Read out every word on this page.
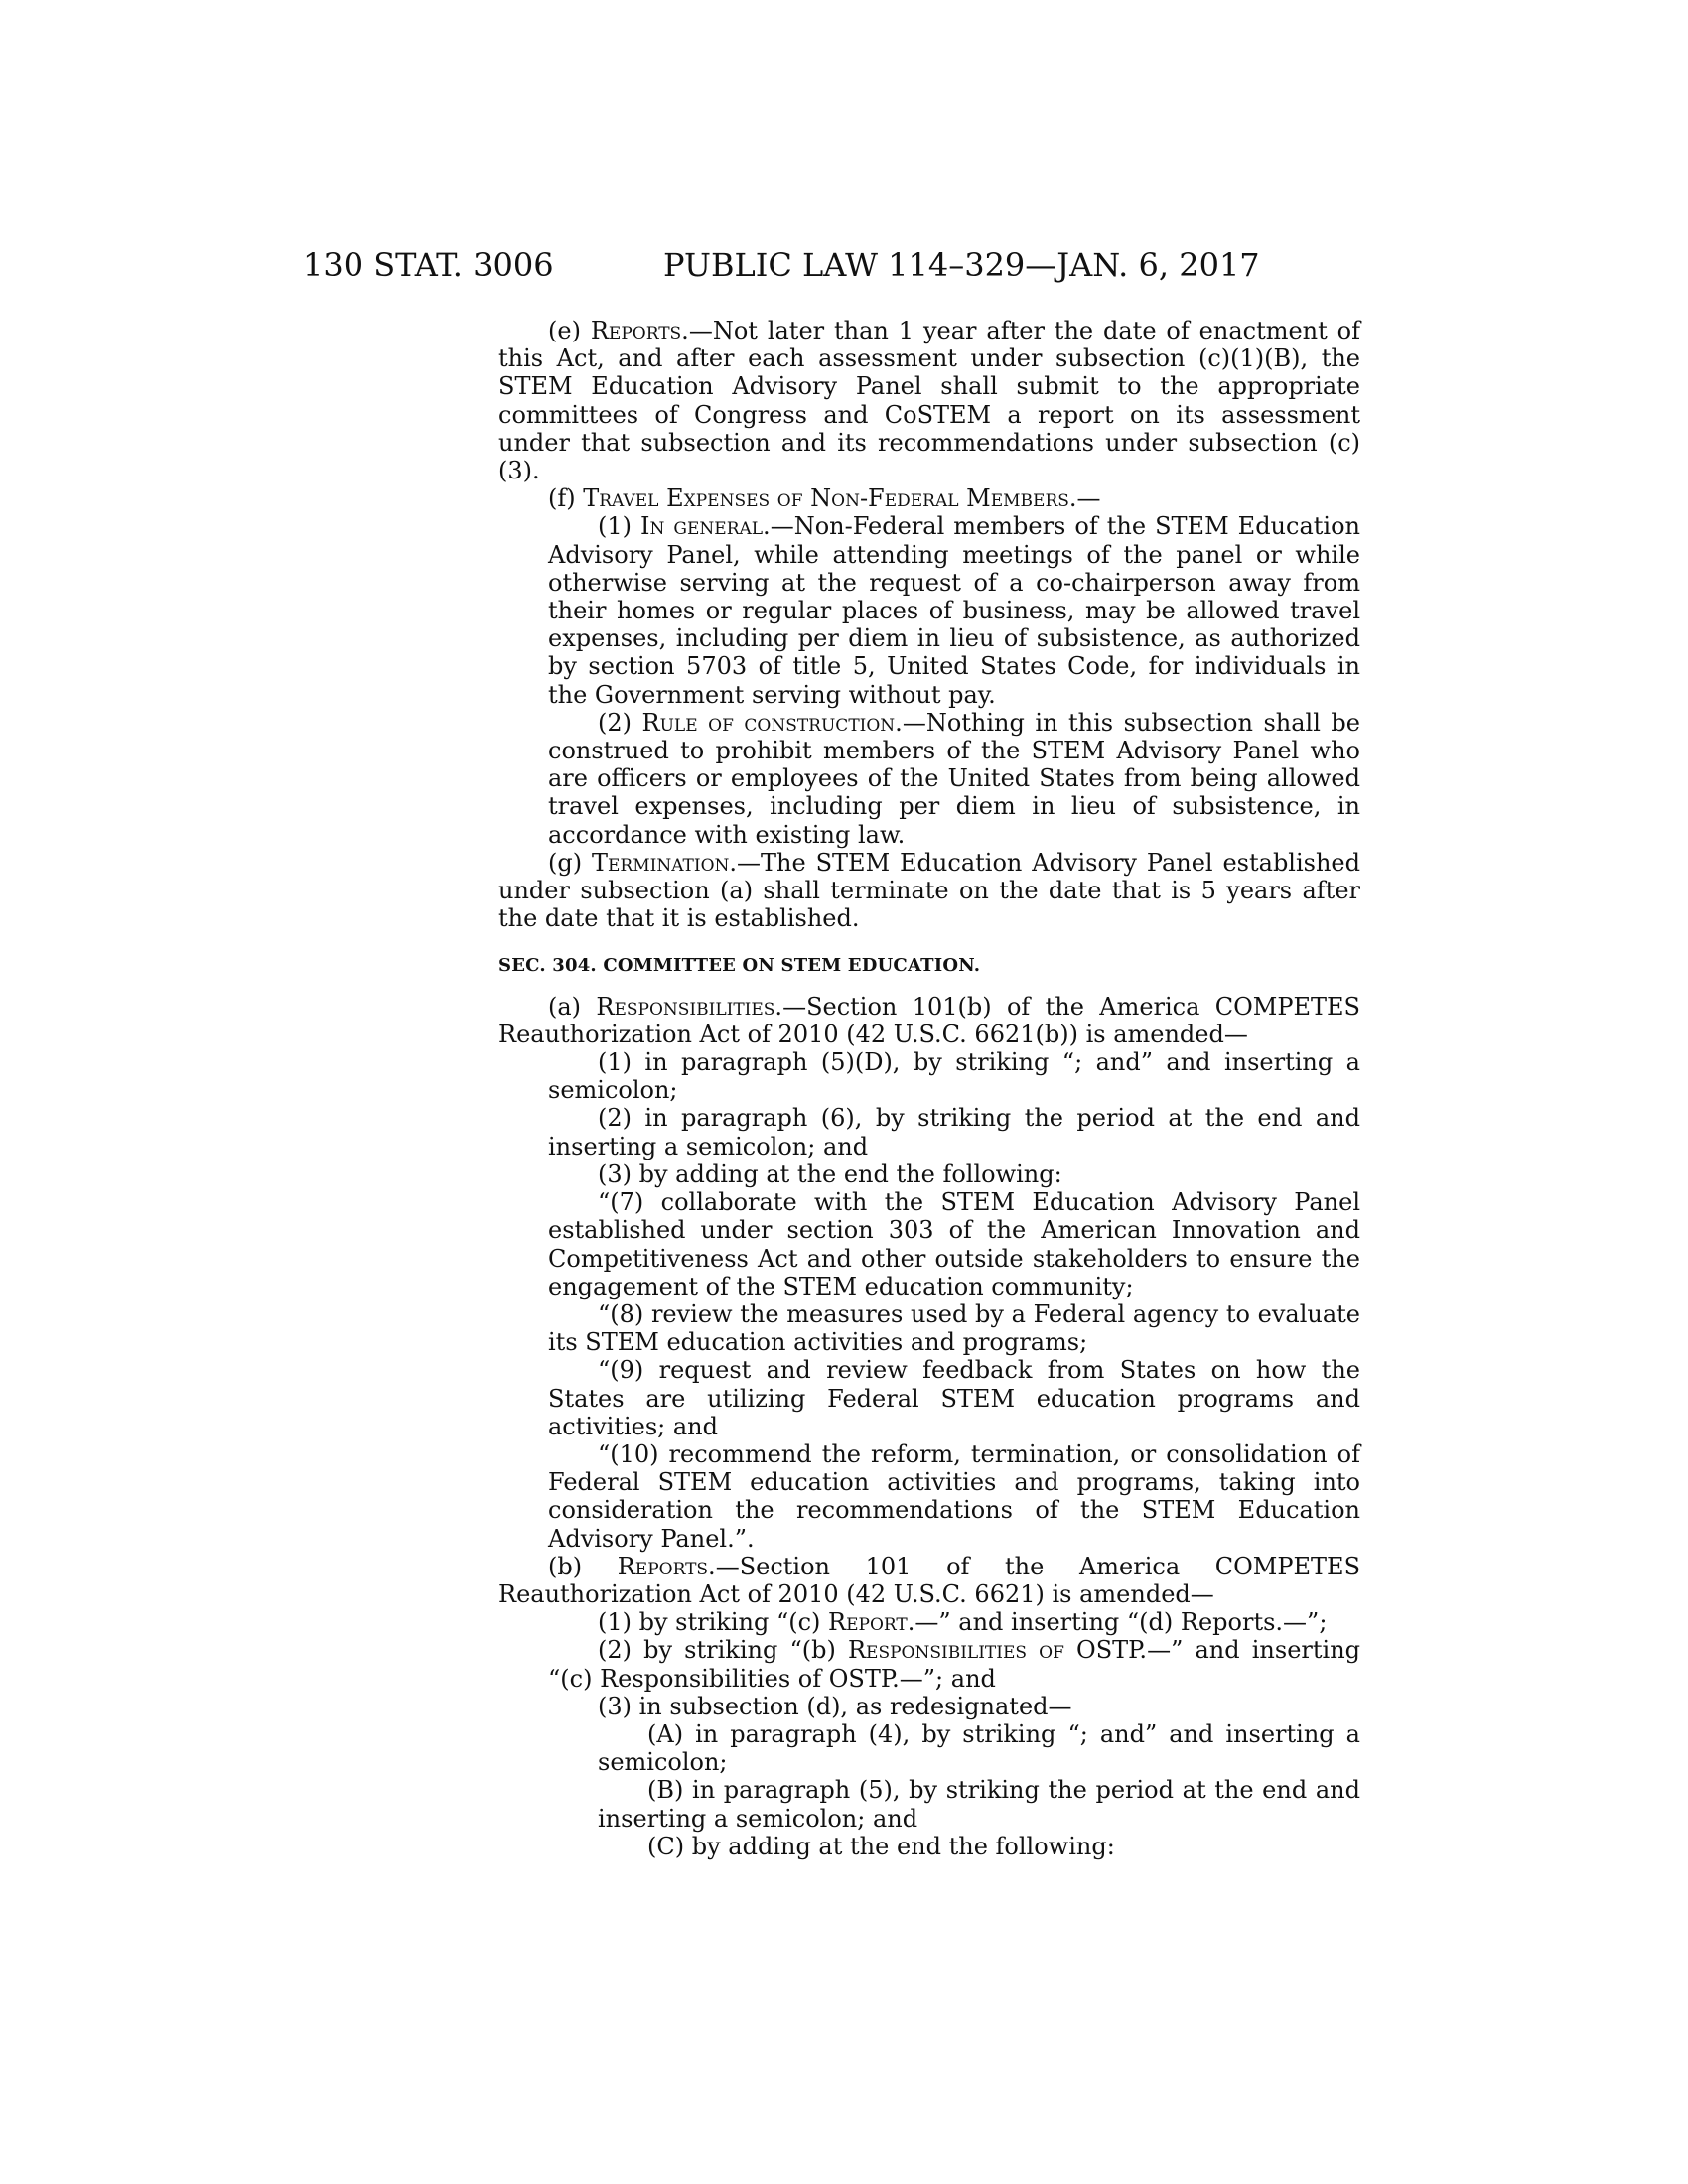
130 STAT. 3006	PUBLIC LAW 114–329—JAN. 6, 2017

(e) Reports.—Not later than 1 year after the date of enactment of this Act, and after each assessment under subsection (c)(1)(B), the STEM Education Advisory Panel shall submit to the appropriate committees of Congress and CoSTEM a report on its assessment under that subsection and its recommendations under subsection (c)(3).

(f) Travel Expenses of Non-Federal Members.—

(1) In general.—Non-Federal members of the STEM Education Advisory Panel, while attending meetings of the panel or while otherwise serving at the request of a co-chairperson away from their homes or regular places of business, may be allowed travel expenses, including per diem in lieu of subsistence, as authorized by section 5703 of title 5, United States Code, for individuals in the Government serving without pay.

(2) Rule of construction.—Nothing in this subsection shall be construed to prohibit members of the STEM Advisory Panel who are officers or employees of the United States from being allowed travel expenses, including per diem in lieu of subsistence, in accordance with existing law.

(g) Termination.—The STEM Education Advisory Panel established under subsection (a) shall terminate on the date that is 5 years after the date that it is established.

SEC. 304. COMMITTEE ON STEM EDUCATION.

(a) Responsibilities.—Section 101(b) of the America COMPETES Reauthorization Act of 2010 (42 U.S.C. 6621(b)) is amended—

(1) in paragraph (5)(D), by striking “; and” and inserting a semicolon;

(2) in paragraph (6), by striking the period at the end and inserting a semicolon; and

(3) by adding at the end the following:

“(7) collaborate with the STEM Education Advisory Panel established under section 303 of the American Innovation and Competitiveness Act and other outside stakeholders to ensure the engagement of the STEM education community;

“(8) review the measures used by a Federal agency to evaluate its STEM education activities and programs;

“(9) request and review feedback from States on how the States are utilizing Federal STEM education programs and activities; and

“(10) recommend the reform, termination, or consolidation of Federal STEM education activities and programs, taking into consideration the recommendations of the STEM Education Advisory Panel.”.

(b) Reports.—Section 101 of the America COMPETES Reauthorization Act of 2010 (42 U.S.C. 6621) is amended—

(1) by striking “(c) Report.—” and inserting “(d) Reports.—”;

(2) by striking “(b) Responsibilities of OSTP.—” and inserting “(c) Responsibilities of OSTP.—”; and

(3) in subsection (d), as redesignated—

(A) in paragraph (4), by striking “; and” and inserting a semicolon;

(B) in paragraph (5), by striking the period at the end and inserting a semicolon; and

(C) by adding at the end the following:
